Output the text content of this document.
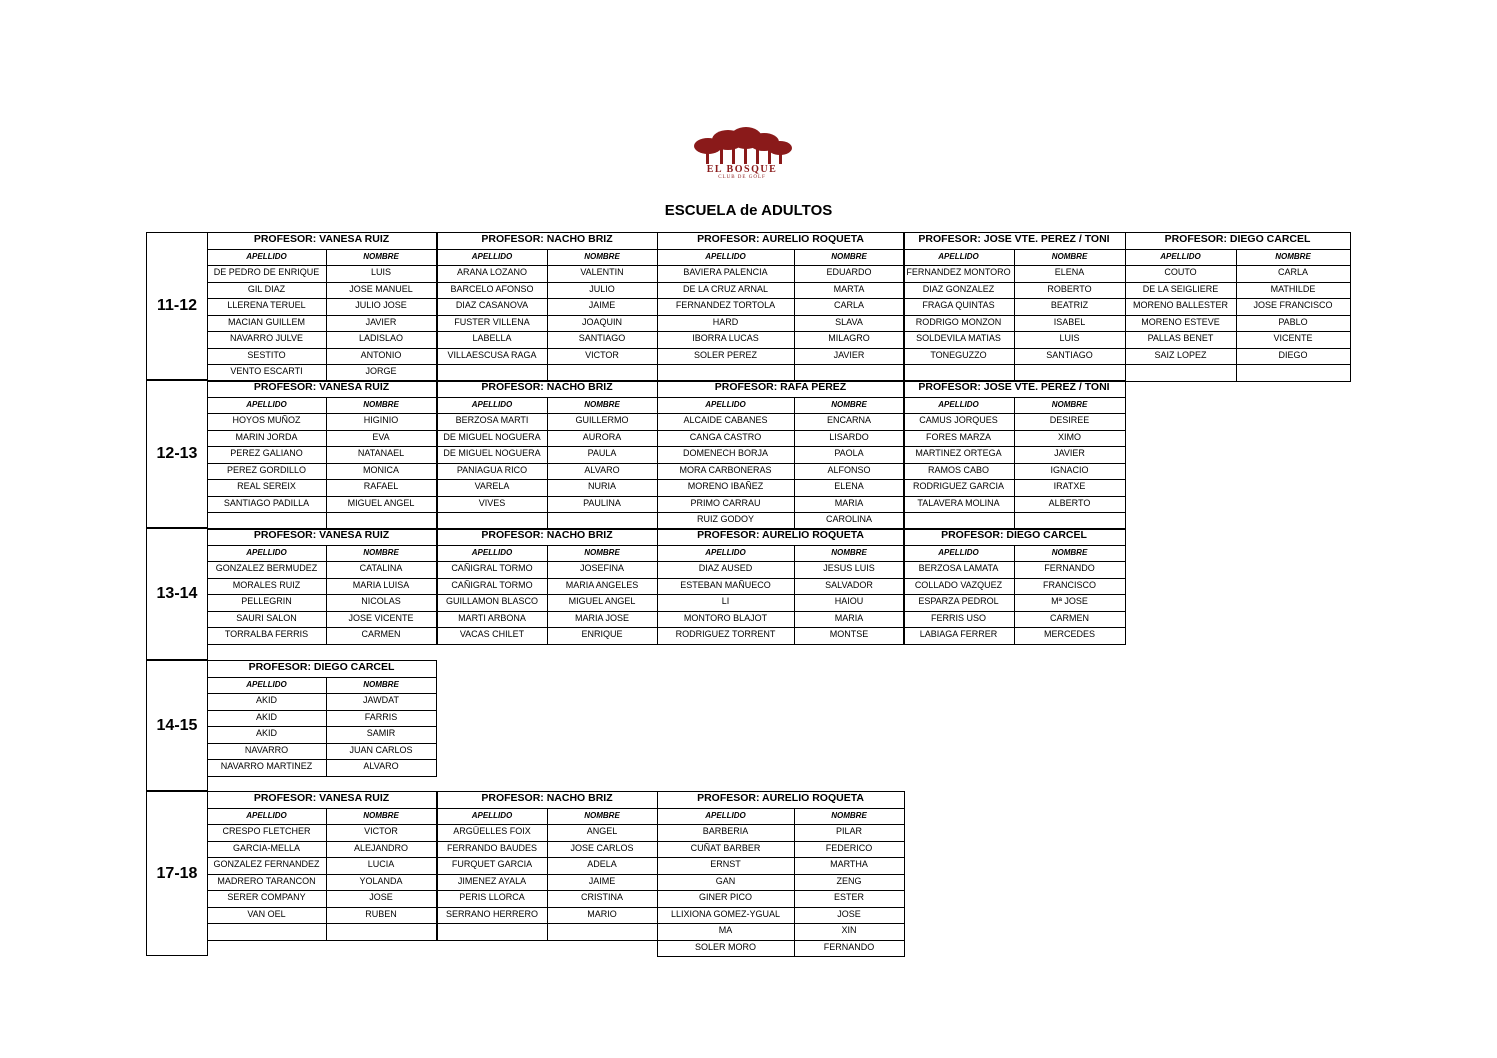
EL BOSQUE
CLUB DE GOLF
ESCUELA de ADULTOS
11-12
PROFESOR: VANESA RUIZ
APELLIDO	NOMBRE
DE PEDRO DE ENRIQUE	LUIS
GIL DIAZ	JOSE MANUEL
LLERENA TERUEL	JULIO JOSE
MACIAN GUILLEM	JAVIER
NAVARRO JULVE	LADISLAO
SESTITO	ANTONIO
VENTO ESCARTI	JORGE
PROFESOR: NACHO BRIZ
APELLIDO	NOMBRE
ARANA LOZANO	VALENTIN
BARCELO AFONSO	JULIO
DIAZ CASANOVA	JAIME
FUSTER VILLENA	JOAQUIN
LABELLA	SANTIAGO
VILLAESCUSA RAGA	VICTOR
PROFESOR: AURELIO ROQUETA
APELLIDO	NOMBRE
BAVIERA PALENCIA	EDUARDO
DE LA CRUZ ARNAL	MARTA
FERNANDEZ TORTOLA	CARLA
HARD	SLAVA
IBORRA LUCAS	MILAGRO
SOLER PEREZ	JAVIER
PROFESOR: JOSE VTE. PEREZ / TONI
APELLIDO	NOMBRE
FERNANDEZ MONTORO	ELENA
DIAZ GONZALEZ	ROBERTO
FRAGA QUINTAS	BEATRIZ
RODRIGO MONZON	ISABEL
SOLDEVILA MATIAS	LUIS
TONEGUZZO	SANTIAGO
PROFESOR: DIEGO CARCEL
APELLIDO	NOMBRE
COUTO	CARLA
DE LA SEIGLIERE	MATHILDE
MORENO BALLESTER	JOSE FRANCISCO
MORENO ESTEVE	PABLO
PALLAS BENET	VICENTE
SAIZ LOPEZ	DIEGO
12-13
PROFESOR: VANESA RUIZ
APELLIDO	NOMBRE
HOYOS MUÑOZ	HIGINIO
MARIN JORDA	EVA
PEREZ GALIANO	NATANAEL
PEREZ GORDILLO	MONICA
REAL SEREIX	RAFAEL
SANTIAGO PADILLA	MIGUEL ANGEL
PROFESOR: NACHO BRIZ
APELLIDO	NOMBRE
BERZOSA MARTI	GUILLERMO
DE MIGUEL NOGUERA	AURORA
DE MIGUEL NOGUERA	PAULA
PANIAGUA RICO	ALVARO
VARELA	NURIA
VIVES	PAULINA
PROFESOR: RAFA PEREZ
APELLIDO	NOMBRE
ALCAIDE CABANES	ENCARNA
CANGA CASTRO	LISARDO
DOMENECH BORJA	PAOLA
MORA CARBONERAS	ALFONSO
MORENO IBAÑEZ	ELENA
PRIMO CARRAU	MARIA
RUIZ GODOY	CAROLINA
PROFESOR: JOSE VTE. PEREZ / TONI
APELLIDO	NOMBRE
CAMUS JORQUES	DESIREE
FORES MARZA	XIMO
MARTINEZ ORTEGA	JAVIER
RAMOS CABO	IGNACIO
RODRIGUEZ GARCIA	IRATXE
TALAVERA MOLINA	ALBERTO
13-14
PROFESOR: VANESA RUIZ
APELLIDO	NOMBRE
GONZALEZ BERMUDEZ	CATALINA
MORALES RUIZ	MARIA LUISA
PELLEGRIN	NICOLAS
SAURI SALON	JOSE VICENTE
TORRALBA FERRIS	CARMEN
PROFESOR: NACHO BRIZ
APELLIDO	NOMBRE
CAÑIGRAL TORMO	JOSEFINA
CAÑIGRAL TORMO	MARIA ANGELES
GUILLAMON BLASCO	MIGUEL ANGEL
MARTI ARBONA	MARIA JOSE
VACAS CHILET	ENRIQUE
PROFESOR: AURELIO ROQUETA
APELLIDO	NOMBRE
DIAZ AUSED	JESUS LUIS
ESTEBAN MAÑUECO	SALVADOR
LI	HAIOU
MONTORO BLAJOT	MARIA
RODRIGUEZ TORRENT	MONTSE
PROFESOR: DIEGO CARCEL
APELLIDO	NOMBRE
BERZOSA LAMATA	FERNANDO
COLLADO VAZQUEZ	FRANCISCO
ESPARZA PEDROL	Mª JOSE
FERRIS USO	CARMEN
LABIAGA FERRER	MERCEDES
14-15
PROFESOR: DIEGO CARCEL
APELLIDO	NOMBRE
AKID	JAWDAT
AKID	FARRIS
AKID	SAMIR
NAVARRO	JUAN CARLOS
NAVARRO MARTINEZ	ALVARO
17-18
PROFESOR: VANESA RUIZ
APELLIDO	NOMBRE
CRESPO FLETCHER	VICTOR
GARCIA-MELLA	ALEJANDRO
GONZALEZ FERNANDEZ	LUCIA
MADRERO TARANCON	YOLANDA
SERER COMPANY	JOSE
VAN OEL	RUBEN
PROFESOR: NACHO BRIZ
APELLIDO	NOMBRE
ARGÜELLES FOIX	ANGEL
FERRANDO BAUDES	JOSE CARLOS
FURQUET GARCIA	ADELA
JIMENEZ AYALA	JAIME
PERIS LLORCA	CRISTINA
SERRANO HERRERO	MARIO
PROFESOR: AURELIO ROQUETA
APELLIDO	NOMBRE
BARBERIA	PILAR
CUÑAT BARBER	FEDERICO
ERNST	MARTHA
GAN	ZENG
GINER PICO	ESTER
LLIXIONA GOMEZ-YGUAL	JOSE
MA	XIN
SOLER MORO	FERNANDO
